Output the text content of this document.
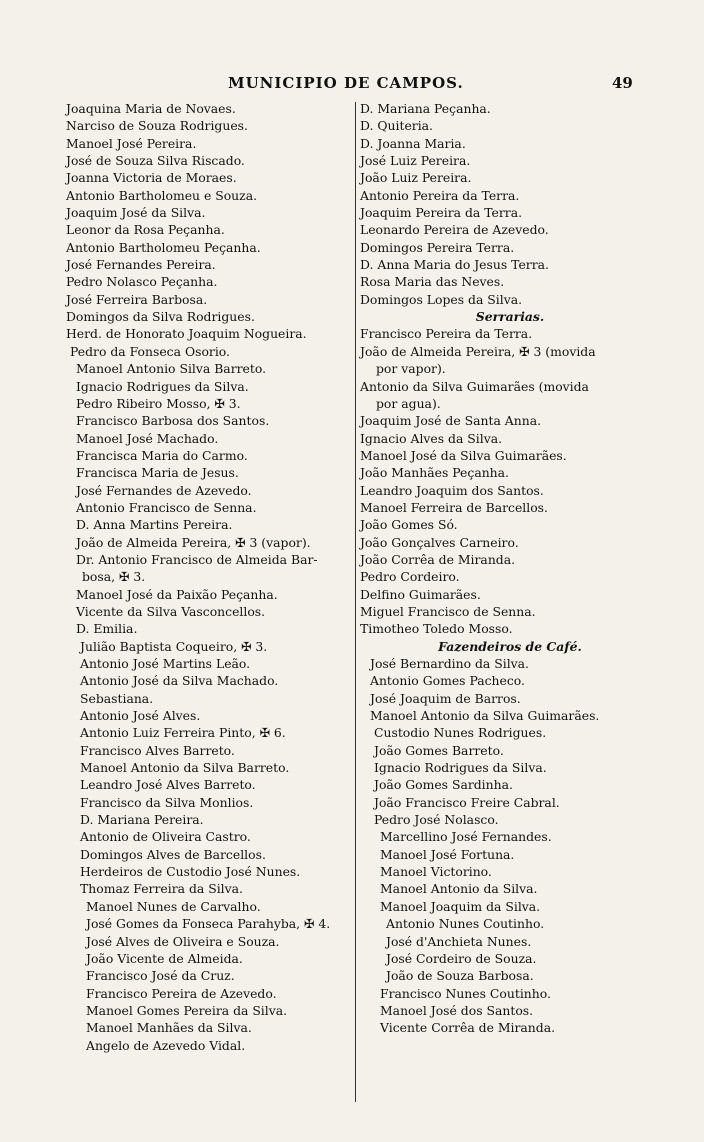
MUNICIPIO DE CAMPOS.	49
Joaquina Maria de Novaes.
Narciso de Souza Rodrigues.
Manoel José Pereira.
José de Souza Silva Riscado.
Joanna Victoria de Moraes.
Antonio Bartholomeu e Souza.
Joaquim José da Silva.
Leonor da Rosa Peçanha.
Antonio Bartholomeu Peçanha.
José Fernandes Pereira.
Pedro Nolasco Peçanha.
José Ferreira Barbosa.
Domingos da Silva Rodrigues.
Herd. de Honorato Joaquim Nogueira.
Pedro da Fonseca Osorio.
Manoel Antonio Silva Barreto.
Ignacio Rodrigues da Silva.
Pedro Ribeiro Mosso, ✠ 3.
Francisco Barbosa dos Santos.
Manoel José Machado.
Francisca Maria do Carmo.
Francisca Maria de Jesus.
José Fernandes de Azevedo.
Antonio Francisco de Senna.
D. Anna Martins Pereira.
João de Almeida Pereira, ✠ 3 (vapor).
Dr. Antonio Francisco de Almeida Bar-
bosa, ✠ 3.
Manoel José da Paixão Peçanha.
Vicente da Silva Vasconcellos.
D. Emilia.
Julião Baptista Coqueiro, ✠ 3.
Antonio José Martins Leão.
Antonio José da Silva Machado.
Sebastiana.
Antonio José Alves.
Antonio Luiz Ferreira Pinto, ✠ 6.
Francisco Alves Barreto.
Manoel Antonio da Silva Barreto.
Leandro José Alves Barreto.
Francisco da Silva Monlios.
D. Mariana Pereira.
Antonio de Oliveira Castro.
Domingos Alves de Barcellos.
Herdeiros de Custodio José Nunes.
Thomaz Ferreira da Silva.
Manoel Nunes de Carvalho.
José Gomes da Fonseca Parahyba, ✠ 4.
José Alves de Oliveira e Souza.
João Vicente de Almeida.
Francisco José da Cruz.
Francisco Pereira de Azevedo.
Manoel Gomes Pereira da Silva.
Manoel Manhães da Silva.
Angelo de Azevedo Vidal.
D. Mariana Peçanha.
D. Quiteria.
D. Joanna Maria.
José Luiz Pereira.
João Luiz Pereira.
Antonio Pereira da Terra.
Joaquim Pereira da Terra.
Leonardo Pereira de Azevedo.
Domingos Pereira Terra.
D. Anna Maria do Jesus Terra.
Rosa Maria das Neves.
Domingos Lopes da Silva.
Serrarias.
Francisco Pereira da Terra.
João de Almeida Pereira, ✠ 3 (movida
por vapor).
Antonio da Silva Guimarães (movida
por agua).
Joaquim José de Santa Anna.
Ignacio Alves da Silva.
Manoel José da Silva Guimarães.
João Manhães Peçanha.
Leandro Joaquim dos Santos.
Manoel Ferreira de Barcellos.
João Gomes Só.
João Gonçalves Carneiro.
João Corrêa de Miranda.
Pedro Cordeiro.
Delfino Guimarães.
Miguel Francisco de Senna.
Timotheo Toledo Mosso.
Fazendeiros de Café.
José Bernardino da Silva.
Antonio Gomes Pacheco.
José Joaquim de Barros.
Manoel Antonio da Silva Guimarães.
Custodio Nunes Rodrigues.
João Gomes Barreto.
Ignacio Rodrigues da Silva.
João Gomes Sardinha.
João Francisco Freire Cabral.
Pedro José Nolasco.
Marcellino José Fernandes.
Manoel José Fortuna.
Manoel Victorino.
Manoel Antonio da Silva.
Manoel Joaquim da Silva.
Antonio Nunes Coutinho.
José d'Anchieta Nunes.
José Cordeiro de Souza.
João de Souza Barbosa.
Francisco Nunes Coutinho.
Manoel José dos Santos.
Vicente Corrêa de Miranda.
